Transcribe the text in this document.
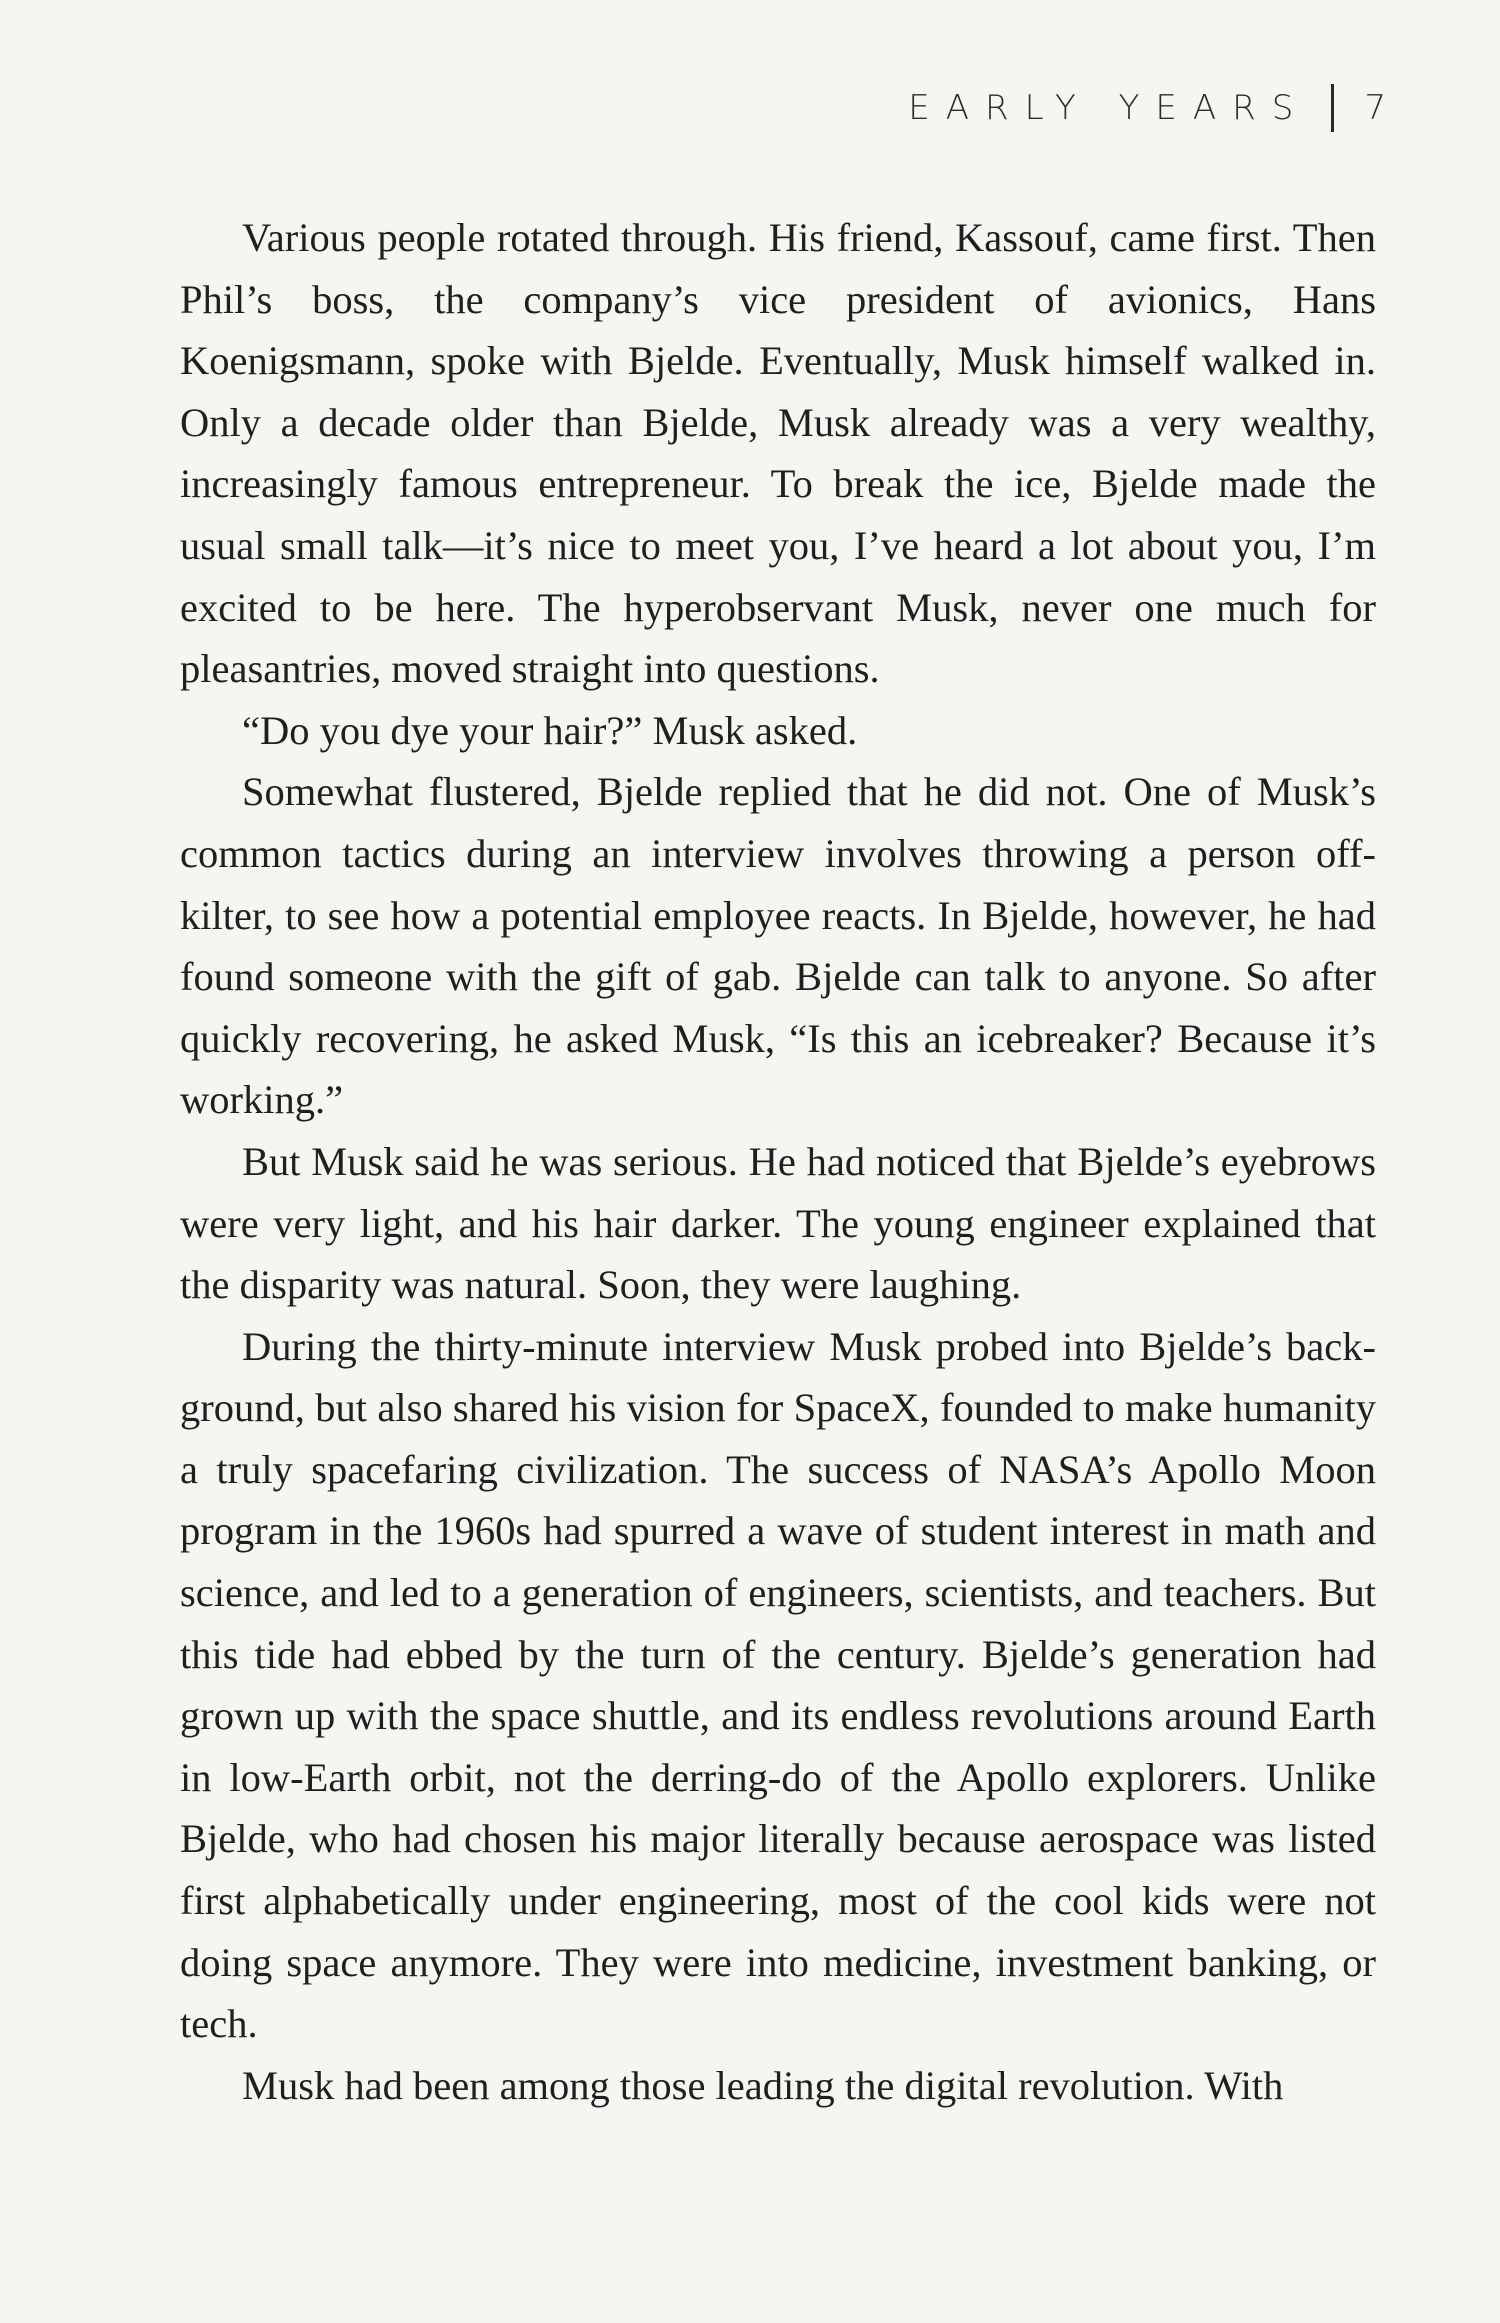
EARLY YEARS 7

Various people rotated through. His friend, Kassouf, came first. Then Phil’s boss, the company’s vice president of avionics, Hans Koenigsmann, spoke with Bjelde. Eventually, Musk himself walked in. Only a decade older than Bjelde, Musk already was a very wealthy, increasingly famous entrepreneur. To break the ice, Bjelde made the usual small talk—it’s nice to meet you, I’ve heard a lot about you, I’m excited to be here. The hyperobservant Musk, never one much for pleasantries, moved straight into questions.

“Do you dye your hair?” Musk asked.

Somewhat flustered, Bjelde replied that he did not. One of Musk’s common tactics during an interview involves throwing a person off-kilter, to see how a potential employee reacts. In Bjelde, however, he had found someone with the gift of gab. Bjelde can talk to anyone. So after quickly recovering, he asked Musk, “Is this an icebreaker? Because it’s working.”

But Musk said he was serious. He had noticed that Bjelde’s eyebrows were very light, and his hair darker. The young engineer explained that the disparity was natural. Soon, they were laughing.

During the thirty-minute interview Musk probed into Bjelde’s background, but also shared his vision for SpaceX, founded to make humanity a truly spacefaring civilization. The success of NASA’s Apollo Moon program in the 1960s had spurred a wave of student interest in math and science, and led to a generation of engineers, scientists, and teachers. But this tide had ebbed by the turn of the century. Bjelde’s generation had grown up with the space shuttle, and its endless revolutions around Earth in low-Earth orbit, not the derring-do of the Apollo explorers. Unlike Bjelde, who had chosen his major literally because aerospace was listed first alphabetically under engineering, most of the cool kids were not doing space anymore. They were into medicine, investment banking, or tech.

Musk had been among those leading the digital revolution. With
